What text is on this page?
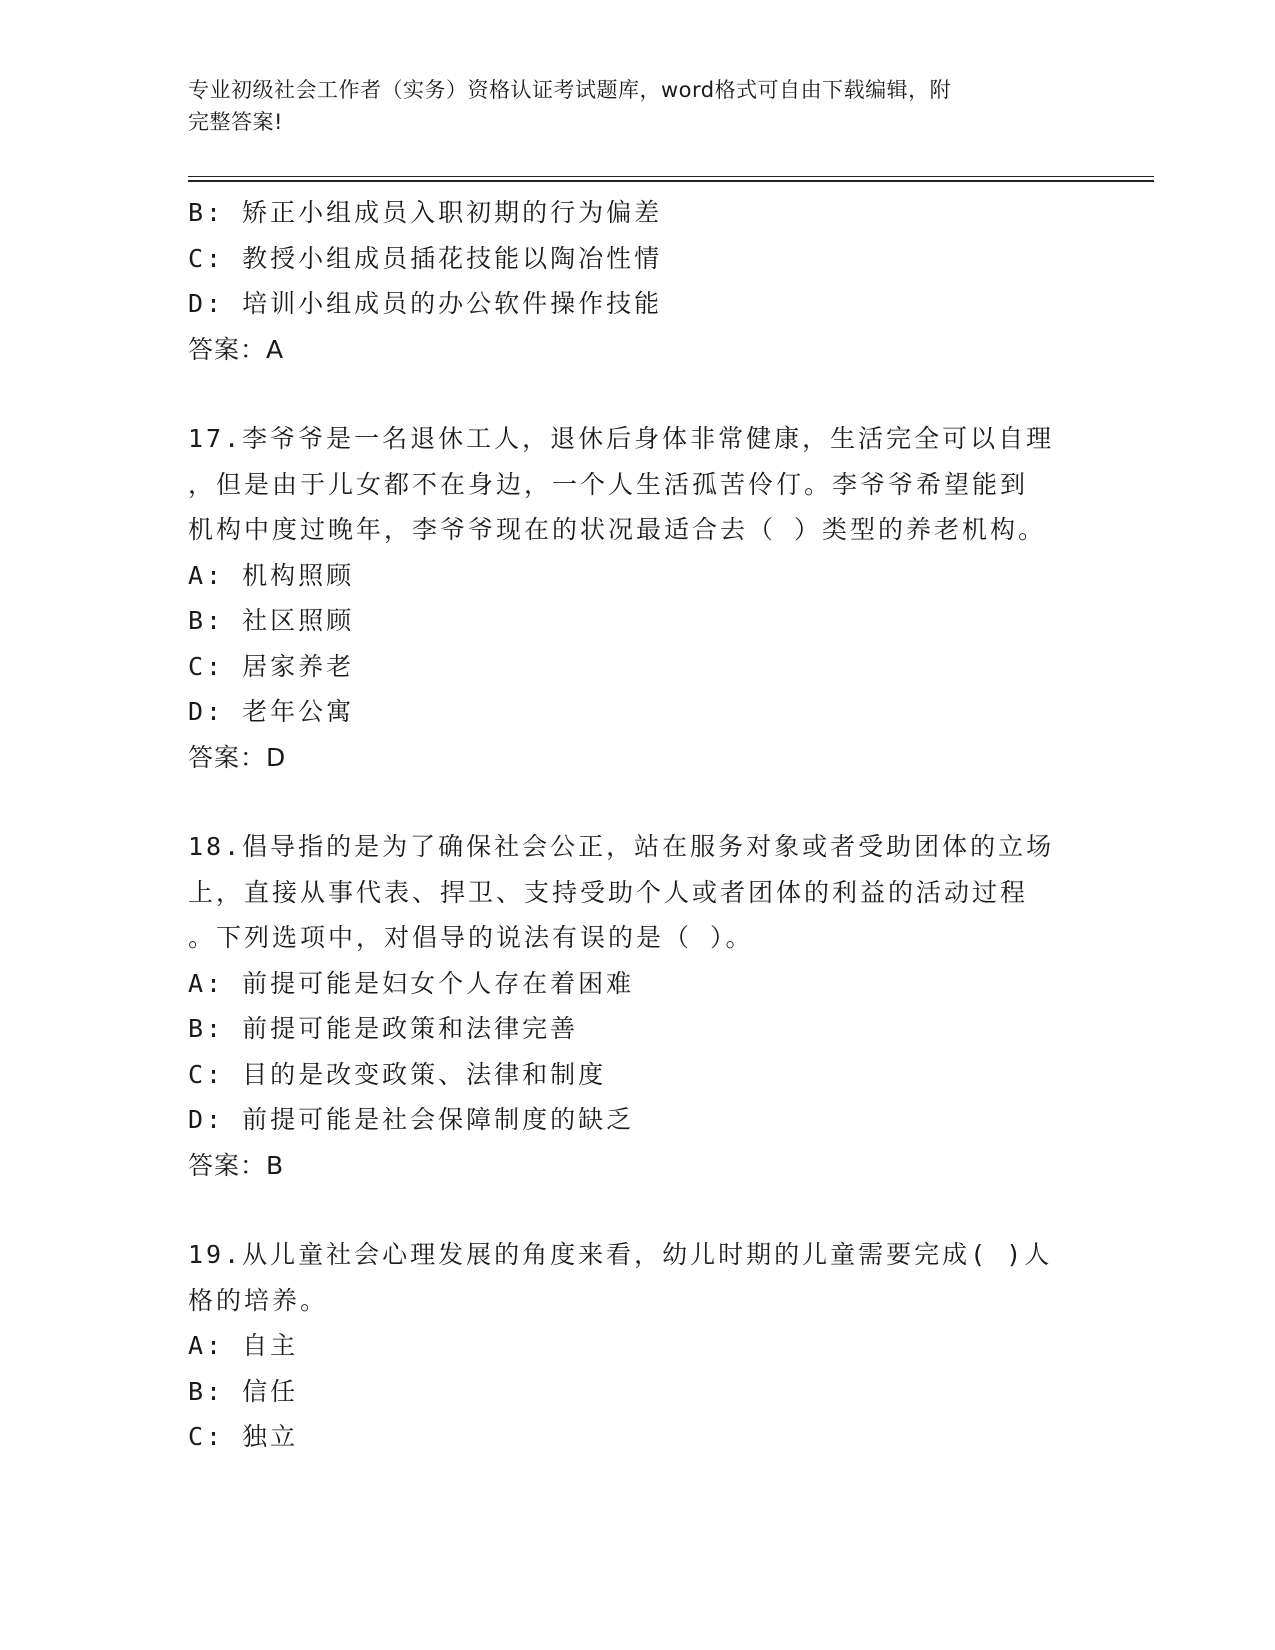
专业初级社会工作者（实务）资格认证考试题库，word格式可自由下载编辑，附
完整答案!
B: 矫正小组成员入职初期的行为偏差
C: 教授小组成员插花技能以陶冶性情
D: 培训小组成员的办公软件操作技能
答案：A
17.李爷爷是一名退休工人，退休后身体非常健康，生活完全可以自理
，但是由于儿女都不在身边，一个人生活孤苦伶仃。李爷爷希望能到
机构中度过晚年，李爷爷现在的状况最适合去（ ）类型的养老机构。
A: 机构照顾
B: 社区照顾
C: 居家养老
D: 老年公寓
答案：D
18.倡导指的是为了确保社会公正，站在服务对象或者受助团体的立场
上，直接从事代表、捍卫、支持受助个人或者团体的利益的活动过程
。下列选项中，对倡导的说法有误的是（ ）。
A: 前提可能是妇女个人存在着困难
B: 前提可能是政策和法律完善
C: 目的是改变政策、法律和制度
D: 前提可能是社会保障制度的缺乏
答案：B
19.从儿童社会心理发展的角度来看，幼儿时期的儿童需要完成( )人
格的培养。
A: 自主
B: 信任
C: 独立
